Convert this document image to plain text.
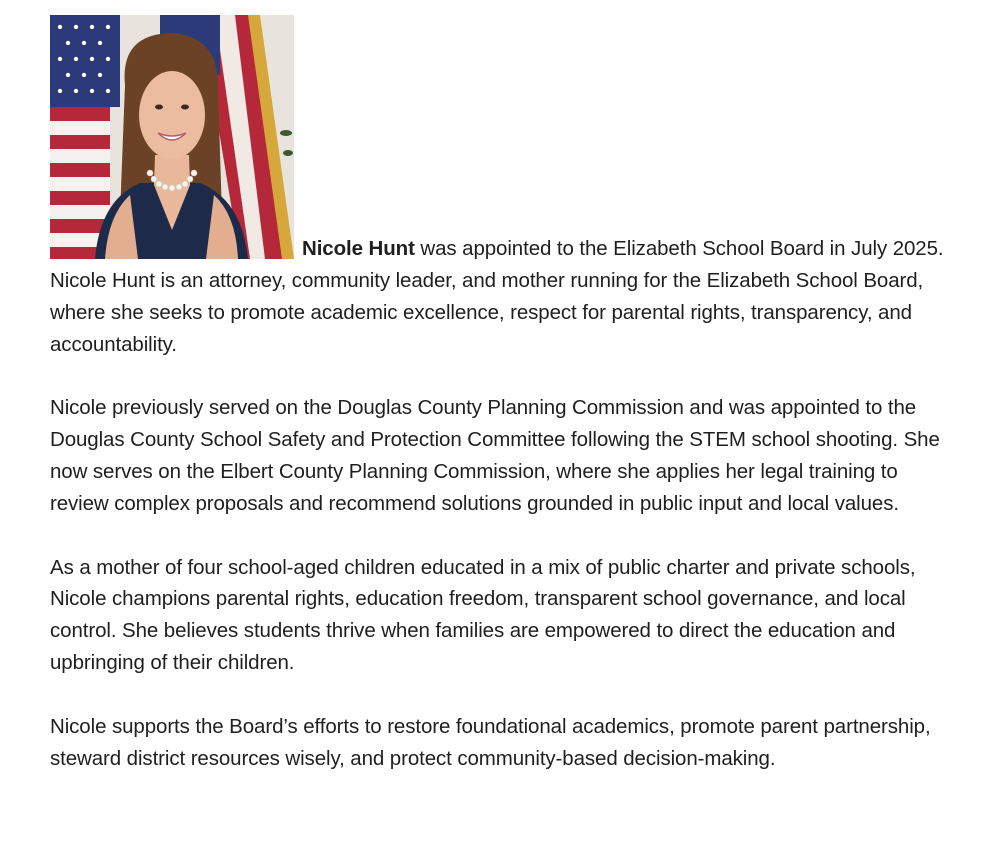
Nicole Hunt was appointed to the Elizabeth School Board in July 2025. Nicole Hunt is an attorney, community leader, and mother running for the Elizabeth School Board, where she seeks to promote academic excellence, respect for parental rights, transparency, and accountability.

Nicole previously served on the Douglas County Planning Commission and was appointed to the Douglas County School Safety and Protection Committee following the STEM school shooting. She now serves on the Elbert County Planning Commission, where she applies her legal training to review complex proposals and recommend solutions grounded in public input and local values.

As a mother of four school-aged children educated in a mix of public charter and private schools, Nicole champions parental rights, education freedom, transparent school governance, and local control. She believes students thrive when families are empowered to direct the education and upbringing of their children.

Nicole supports the Board’s efforts to restore foundational academics, promote parent partnership, steward district resources wisely, and protect community-based decision-making.
